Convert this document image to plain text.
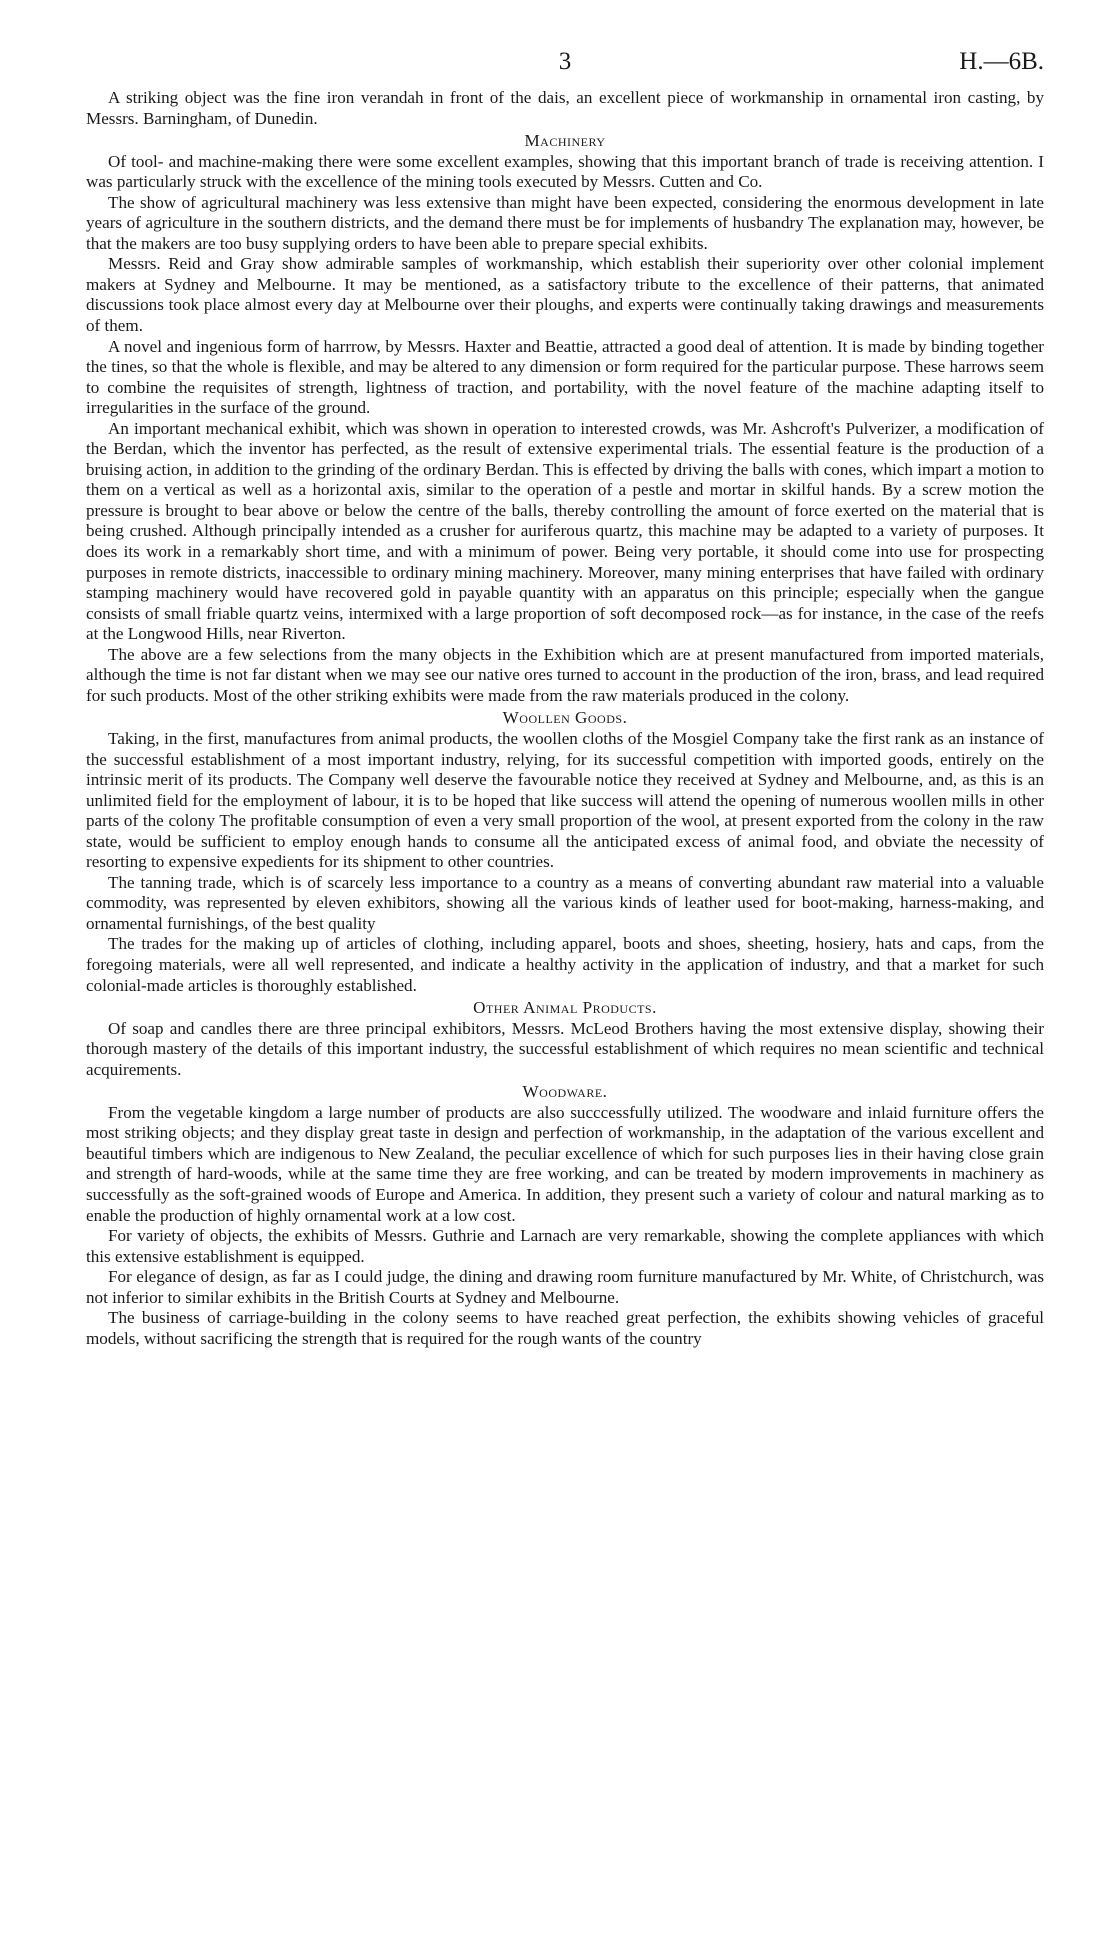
3	H.—6B.

A striking object was the fine iron verandah in front of the dais, an excellent piece of workmanship in ornamental iron casting, by Messrs. Barningham, of Dunedin.

Machinery

Of tool- and machine-making there were some excellent examples, showing that this important branch of trade is receiving attention. I was particularly struck with the excellence of the mining tools executed by Messrs. Cutten and Co.

The show of agricultural machinery was less extensive than might have been expected, considering the enormous development in late years of agriculture in the southern districts, and the demand there must be for implements of husbandry The explanation may, however, be that the makers are too busy supplying orders to have been able to prepare special exhibits.

Messrs. Reid and Gray show admirable samples of workmanship, which establish their superiority over other colonial implement makers at Sydney and Melbourne. It may be mentioned, as a satisfactory tribute to the excellence of their patterns, that animated discussions took place almost every day at Melbourne over their ploughs, and experts were continually taking drawings and measurements of them.

A novel and ingenious form of harrrow, by Messrs. Haxter and Beattie, attracted a good deal of attention. It is made by binding together the tines, so that the whole is flexible, and may be altered to any dimension or form required for the particular purpose. These harrows seem to combine the requisites of strength, lightness of traction, and portability, with the novel feature of the machine adapting itself to irregularities in the surface of the ground.

An important mechanical exhibit, which was shown in operation to interested crowds, was Mr. Ashcroft's Pulverizer, a modification of the Berdan, which the inventor has perfected, as the result of extensive experimental trials. The essential feature is the production of a bruising action, in addition to the grinding of the ordinary Berdan. This is effected by driving the balls with cones, which impart a motion to them on a vertical as well as a horizontal axis, similar to the operation of a pestle and mortar in skilful hands. By a screw motion the pressure is brought to bear above or below the centre of the balls, thereby controlling the amount of force exerted on the material that is being crushed. Although principally intended as a crusher for auriferous quartz, this machine may be adapted to a variety of purposes. It does its work in a remarkably short time, and with a minimum of power. Being very portable, it should come into use for prospecting purposes in remote districts, inaccessible to ordinary mining machinery. Moreover, many mining enterprises that have failed with ordinary stamping machinery would have recovered gold in payable quantity with an apparatus on this principle; especially when the gangue consists of small friable quartz veins, intermixed with a large proportion of soft decomposed rock—as for instance, in the case of the reefs at the Longwood Hills, near Riverton.

The above are a few selections from the many objects in the Exhibition which are at present manufactured from imported materials, although the time is not far distant when we may see our native ores turned to account in the production of the iron, brass, and lead required for such products. Most of the other striking exhibits were made from the raw materials produced in the colony.

Woollen Goods.

Taking, in the first, manufactures from animal products, the woollen cloths of the Mosgiel Company take the first rank as an instance of the successful establishment of a most important industry, relying, for its successful competition with imported goods, entirely on the intrinsic merit of its products. The Company well deserve the favourable notice they received at Sydney and Melbourne, and, as this is an unlimited field for the employment of labour, it is to be hoped that like success will attend the opening of numerous woollen mills in other parts of the colony The profitable consumption of even a very small proportion of the wool, at present exported from the colony in the raw state, would be sufficient to employ enough hands to consume all the anticipated excess of animal food, and obviate the necessity of resorting to expensive expedients for its shipment to other countries.

The tanning trade, which is of scarcely less importance to a country as a means of converting abundant raw material into a valuable commodity, was represented by eleven exhibitors, showing all the various kinds of leather used for boot-making, harness-making, and ornamental furnishings, of the best quality

The trades for the making up of articles of clothing, including apparel, boots and shoes, sheeting, hosiery, hats and caps, from the foregoing materials, were all well represented, and indicate a healthy activity in the application of industry, and that a market for such colonial-made articles is thoroughly established.

Other Animal Products.

Of soap and candles there are three principal exhibitors, Messrs. McLeod Brothers having the most extensive display, showing their thorough mastery of the details of this important industry, the successful establishment of which requires no mean scientific and technical acquirements.

Woodware.

From the vegetable kingdom a large number of products are also succcessfully utilized. The woodware and inlaid furniture offers the most striking objects; and they display great taste in design and perfection of workmanship, in the adaptation of the various excellent and beautiful timbers which are indigenous to New Zealand, the peculiar excellence of which for such purposes lies in their having close grain and strength of hard-woods, while at the same time they are free working, and can be treated by modern improvements in machinery as successfully as the soft-grained woods of Europe and America. In addition, they present such a variety of colour and natural marking as to enable the production of highly ornamental work at a low cost.

For variety of objects, the exhibits of Messrs. Guthrie and Larnach are very remarkable, showing the complete appliances with which this extensive establishment is equipped.

For elegance of design, as far as I could judge, the dining and drawing room furniture manufactured by Mr. White, of Christchurch, was not inferior to similar exhibits in the British Courts at Sydney and Melbourne.

The business of carriage-building in the colony seems to have reached great perfection, the exhibits showing vehicles of graceful models, without sacrificing the strength that is required for the rough wants of the country
